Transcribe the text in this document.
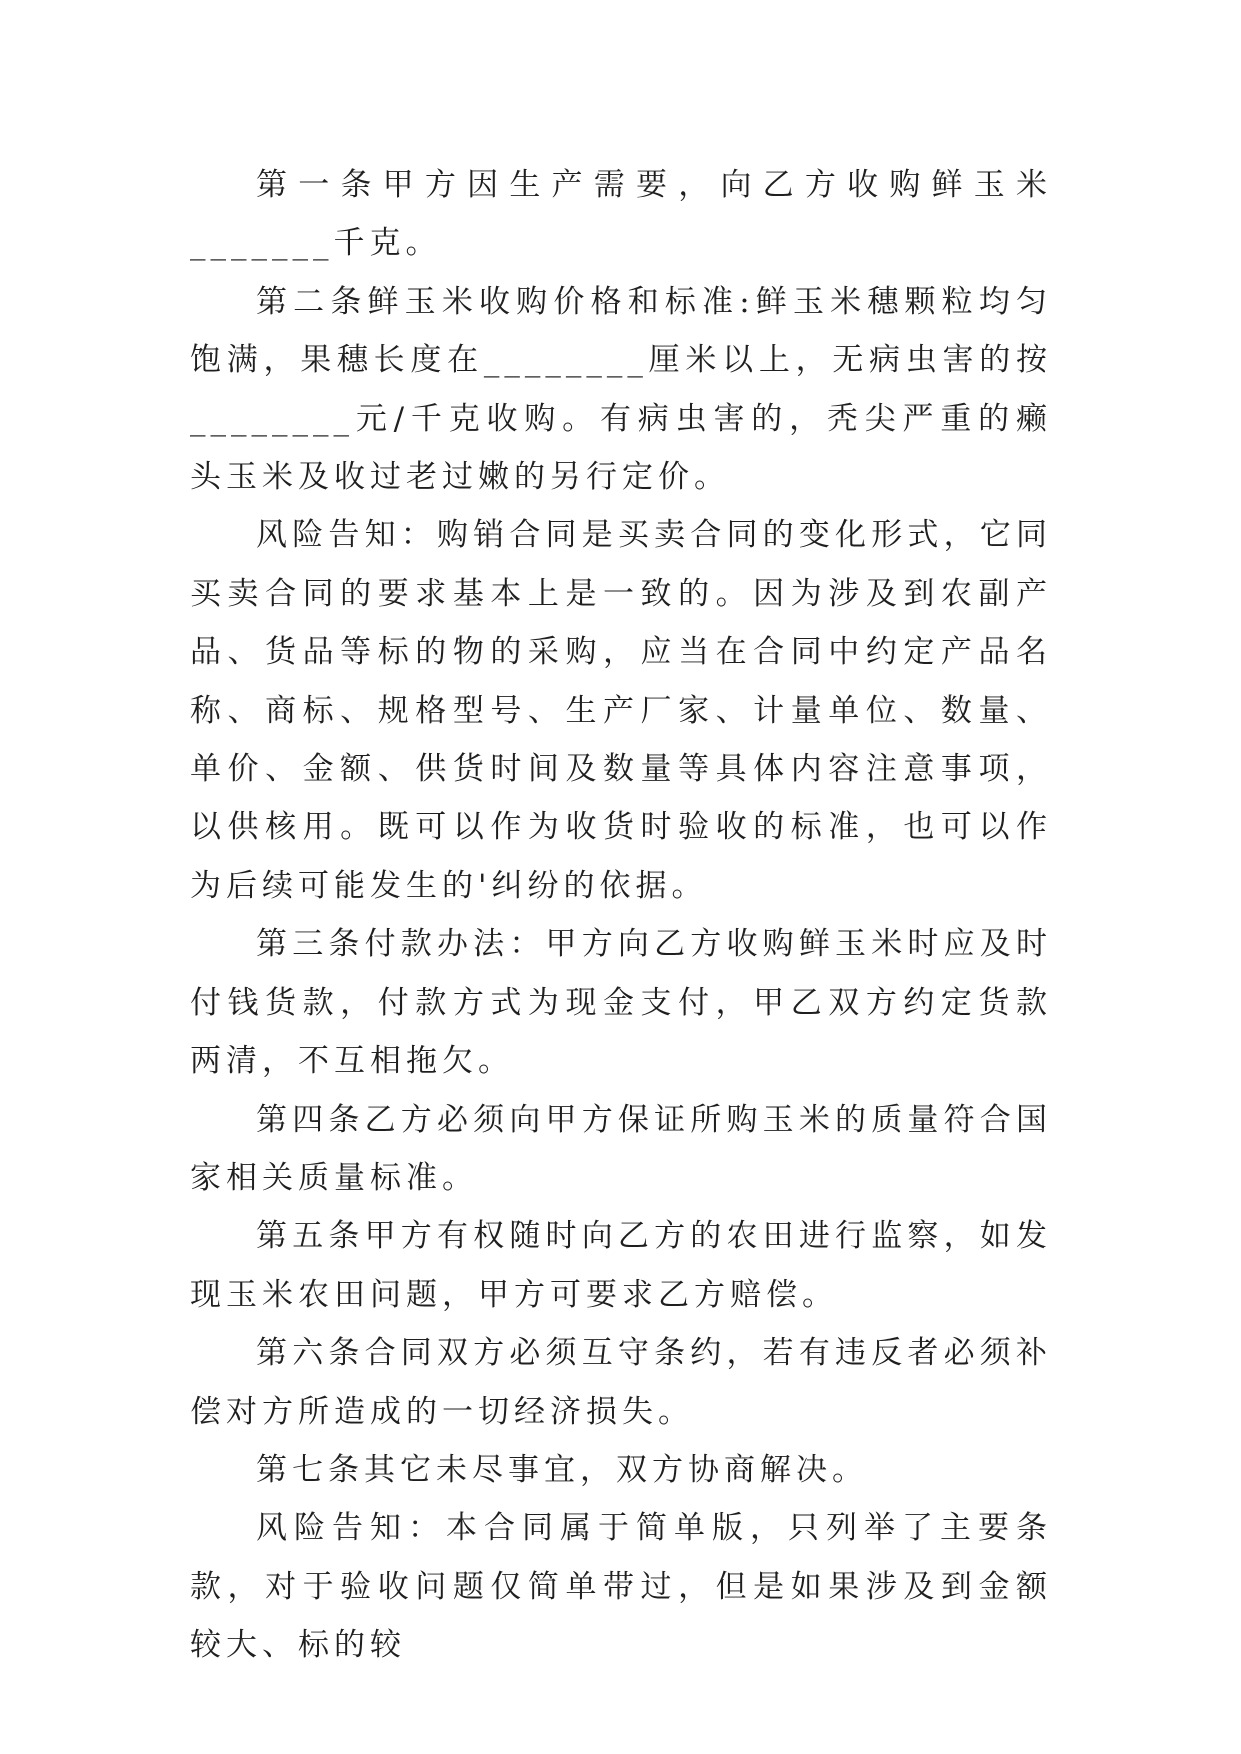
第一条甲方因生产需要，向乙方收购鲜玉米_______千克。

第二条鲜玉米收购价格和标准:鲜玉米穗颗粒均匀饱满，果穗长度在________厘米以上，无病虫害的按________元/千克收购。有病虫害的，秃尖严重的癞头玉米及收过老过嫩的另行定价。

风险告知：购销合同是买卖合同的变化形式，它同买卖合同的要求基本上是一致的。因为涉及到农副产品、货品等标的物的采购，应当在合同中约定产品名称、商标、规格型号、生产厂家、计量单位、数量、单价、金额、供货时间及数量等具体内容注意事项，以供核用。既可以作为收货时验收的标准，也可以作为后续可能发生的'纠纷的依据。

第三条付款办法：甲方向乙方收购鲜玉米时应及时付钱货款，付款方式为现金支付，甲乙双方约定货款两清，不互相拖欠。

第四条乙方必须向甲方保证所购玉米的质量符合国家相关质量标准。

第五条甲方有权随时向乙方的农田进行监察，如发现玉米农田问题，甲方可要求乙方赔偿。

第六条合同双方必须互守条约，若有违反者必须补偿对方所造成的一切经济损失。

第七条其它未尽事宜，双方协商解决。

风险告知：本合同属于简单版，只列举了主要条款，对于验收问题仅简单带过，但是如果涉及到金额较大、标的较
